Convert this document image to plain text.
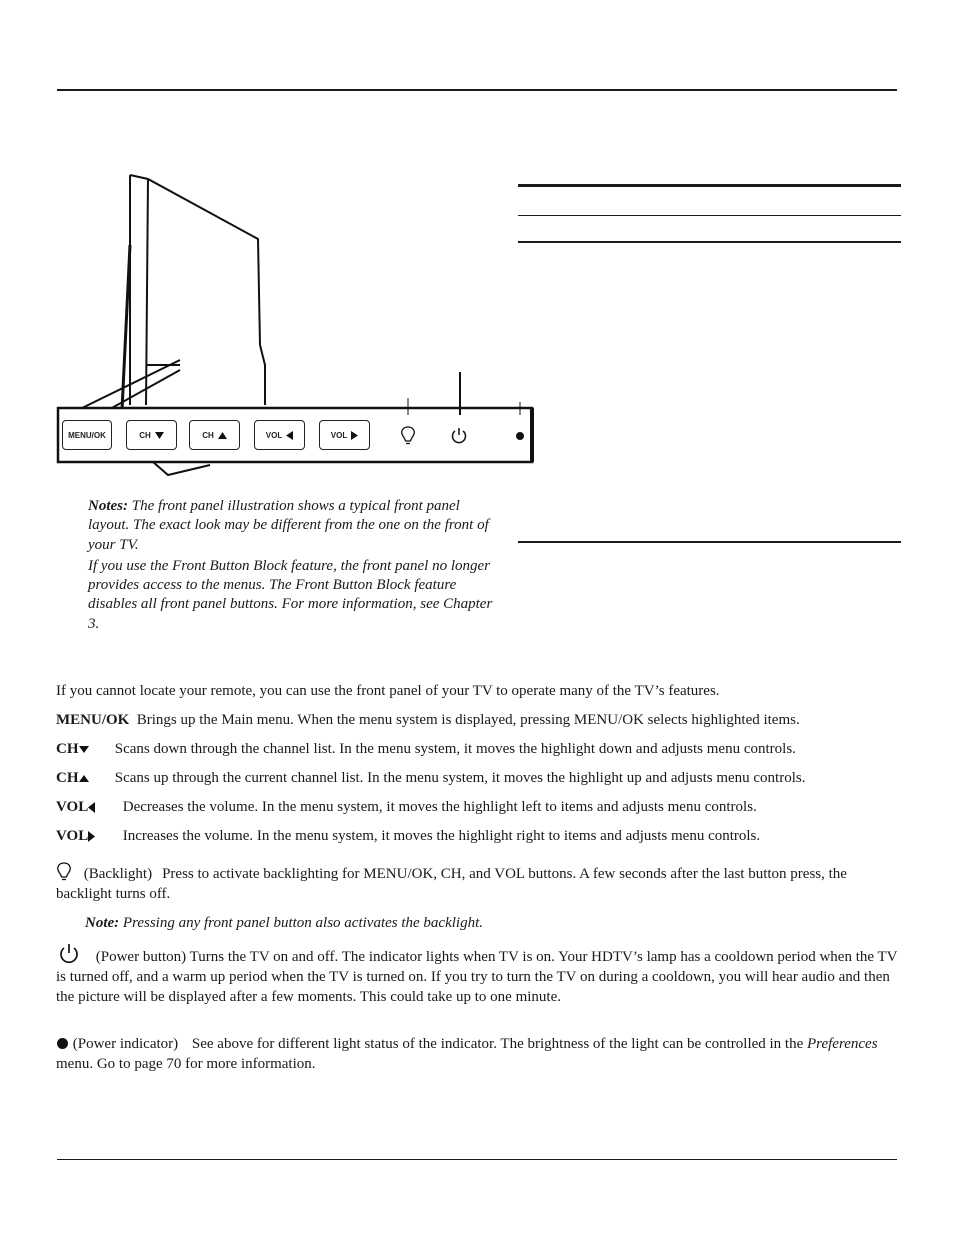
MENU/OK	CH	CH	VOL	VOL

Notes: The front panel illustration shows a typical front panel layout. The exact look may be different from the one on the front of your TV.

If you use the Front Button Block feature, the front panel no longer provides access to the menus. The Front Button Block feature disables all front panel buttons. For more information, see Chapter 3.

If you cannot locate your remote, you can use the front panel of your TV to operate many of the TV’s features.

MENU/OK Brings up the Main menu. When the menu system is displayed, pressing MENU/OK selects highlighted items.
CH Scans down through the channel list. In the menu system, it moves the highlight down and adjusts menu controls.
CH Scans up through the current channel list. In the menu system, it moves the highlight up and adjusts menu controls.
VOL Decreases the volume. In the menu system, it moves the highlight left to items and adjusts menu controls.
VOL Increases the volume. In the menu system, it moves the highlight right to items and adjusts menu controls.

(Backlight) Press to activate backlighting for MENU/OK, CH, and VOL buttons. A few seconds after the last button press, the backlight turns off.

Note: Pressing any front panel button also activates the backlight.

(Power button) Turns the TV on and off. The indicator lights when TV is on. Your HDTV’s lamp has a cooldown period when the TV is turned off, and a warm up period when the TV is turned on. If you try to turn the TV on during a cooldown, you will hear audio and then the picture will be displayed after a few moments. This could take up to one minute.

(Power indicator) See above for different light status of the indicator. The brightness of the light can be controlled in the Preferences menu. Go to page 70 for more information.
